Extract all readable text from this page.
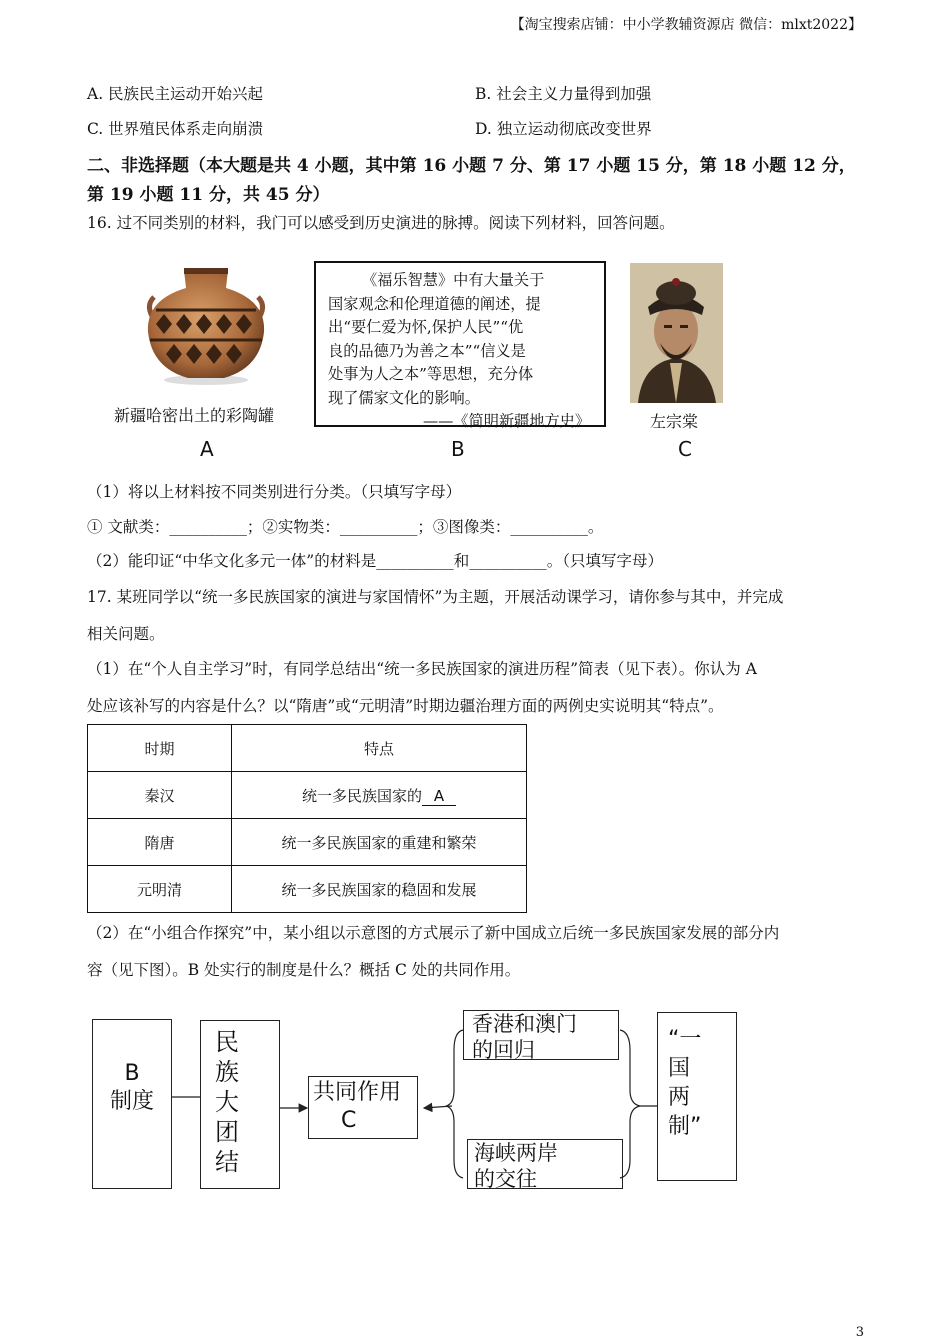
【淘宝搜索店铺：中小学教辅资源店 微信：mlxt2022】
A. 民族民主运动开始兴起	B. 社会主义力量得到加强
C. 世界殖民体系走向崩溃	D. 独立运动彻底改变世界
二、非选择题（本大题是共 4 小题，其中第 16 小题 7 分、第 17 小题 15 分，第 18 小题 12 分，
第 19 小题 11 分，共 45 分）
16. 过不同类别的材料，我门可以感受到历史演进的脉搏。阅读下列材料，回答问题。
新疆哈密出土的彩陶罐
A
《福乐智慧》中有大量关于
国家观念和伦理道德的阐述，提
出“要仁爱为怀,保护人民”“优
良的品德乃为善之本”“信义是
处事为人之本”等思想，充分体
现了儒家文化的影响。
——《简明新疆地方史》
B
左宗棠
C
（1）将以上材料按不同类别进行分类。（只填写字母）
① 文献类：__________；②实物类：__________；③图像类：__________。
（2）能印证“中华文化多元一体”的材料是__________和__________。（只填写字母）
17. 某班同学以“统一多民族国家的演进与家国情怀”为主题，开展活动课学习，请你参与其中，并完成
相关问题。
（1）在“个人自主学习”时，有同学总结出“统一多民族国家的演进历程”简表（见下表）。你认为 A
处应该补写的内容是什么？以“隋唐”或“元明清”时期边疆治理方面的两例史实说明其“特点”。
时期	特点
秦汉	统一多民族国家的 A
隋唐	统一多民族国家的重建和繁荣
元明清	统一多民族国家的稳固和发展
（2）在“小组合作探究”中，某小组以示意图的方式展示了新中国成立后统一多民族国家发展的部分内
容（见下图）。B 处实行的制度是什么？概括 C 处的共同作用。
B
制度
民
族
大
团
结
共同作用
C
香港和澳门
的回归
海峡两岸
的交往
“一
国
两
制”
3
